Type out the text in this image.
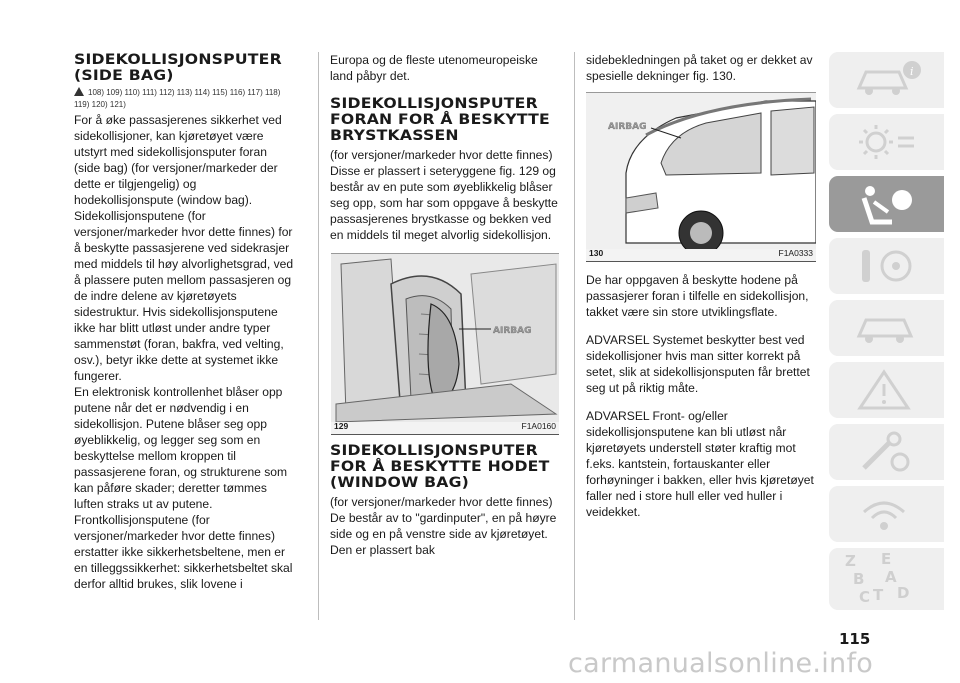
SIDEKOLLISJONSPUTER (SIDE BAG)
108) 109) 110) 111) 112) 113) 114) 115) 116) 117) 118)
119) 120) 121)

For å øke passasjerenes sikkerhet ved sidekollisjoner, kan kjøretøyet være utstyrt med sidekollisjonsputer foran (side bag) (for versjoner/markeder der dette er tilgjengelig) og hodekollisjonspute (window bag).

Sidekollisjonsputene (for versjoner/markeder hvor dette finnes) for å beskytte passasjerene ved sidekrasjer med middels til høy alvorlighetsgrad, ved å plassere puten mellom passasjeren og de indre delene av kjøretøyets sidestruktur. Hvis sidekollisjonsputene ikke har blitt utløst under andre typer sammenstøt (foran, bakfra, ved velting, osv.), betyr ikke dette at systemet ikke fungerer.

En elektronisk kontrollenhet blåser opp putene når det er nødvendig i en sidekollisjon. Putene blåser seg opp øyeblikkelig, og legger seg som en beskyttelse mellom kroppen til passasjerene foran, og strukturene som kan påføre skader; deretter tømmes luften straks ut av putene.

Frontkollisjonsputene (for versjoner/markeder hvor dette finnes) erstatter ikke sikkerhetsbeltene, men er en tilleggssikkerhet: sikkerhetsbeltet skal derfor alltid brukes, slik lovene i

Europa og de fleste utenomeuropeiske land påbyr det.

SIDEKOLLISJONSPUTER FORAN FOR Å BESKYTTE BRYSTKASSEN

(for versjoner/markeder hvor dette finnes)

Disse er plassert i seteryggene fig. 129 og består av en pute som øyeblikkelig blåser seg opp, som har som oppgave å beskytte passasjerenes brystkasse og bekken ved en middels til meget alvorlig sidekollisjon.

AIRBAG
129	F1A0160
SIDEKOLLISJONSPUTER FOR Å BESKYTTE HODET (WINDOW BAG)

(for versjoner/markeder hvor dette finnes)

De består av to "gardinputer", en på høyre side og en på venstre side av kjøretøyet. Den er plassert bak

sidebekledningen på taket og er dekket av spesielle dekninger fig. 130.

AIRBAG
130	F1A0333

De har oppgaven å beskytte hodene på passasjerer foran i tilfelle en sidekollisjon, takket være sin store utviklingsflate.

ADVARSEL Systemet beskytter best ved sidekollisjoner hvis man sitter korrekt på setet, slik at sidekollisjonsputen får brettet seg ut på riktig måte.

ADVARSEL Front- og/eller sidekollisjonsputene kan bli utløst når kjøretøyets understell støter kraftig mot f.eks. kantstein, fortauskanter eller forhøyninger i bakken, eller hvis kjøretøyet faller ned i store hull eller ved huller i veidekket.

i
Z E
B A
C T D
115
carmanualsonline.info
